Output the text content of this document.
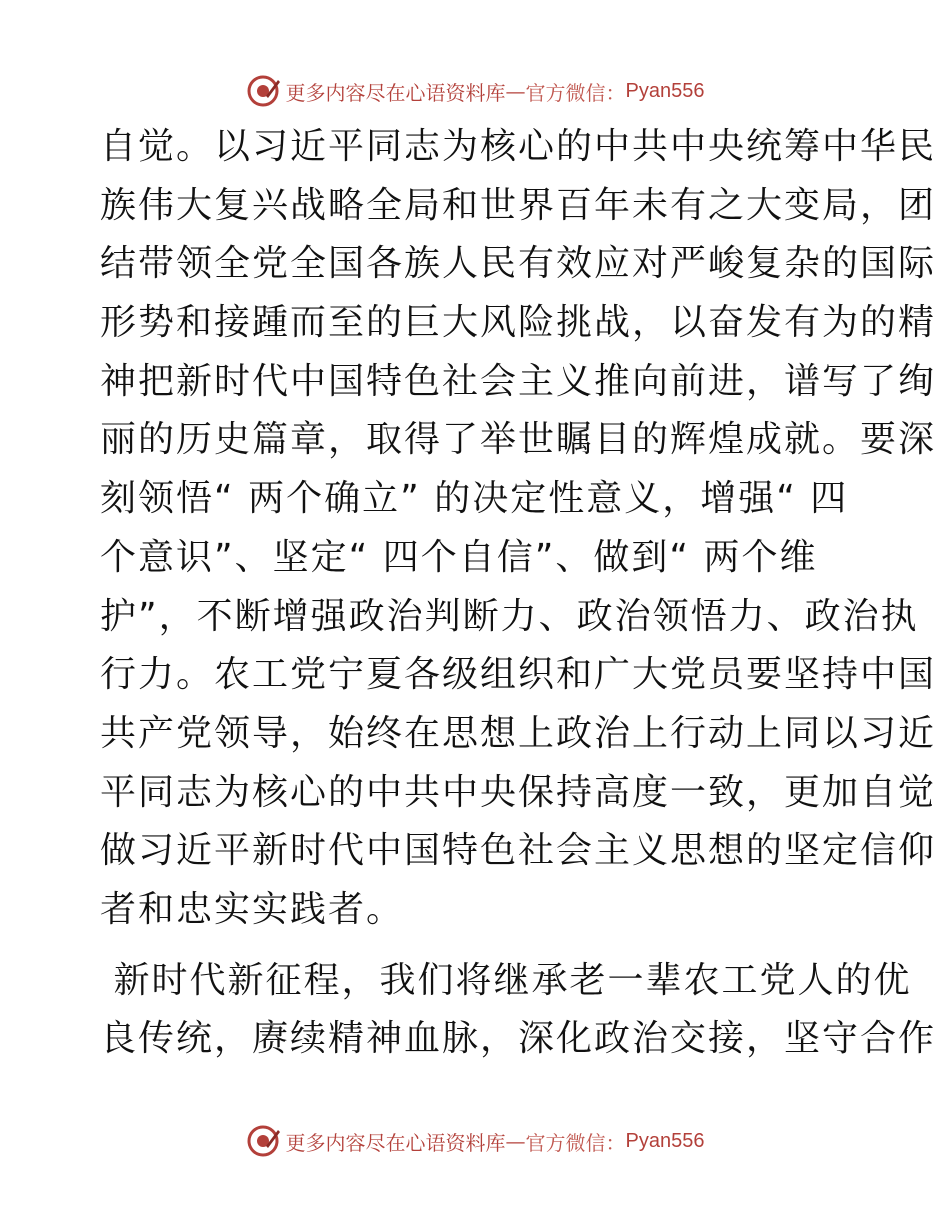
更多内容尽在心语资料库 — 官方微信： Pyan556
自觉。以习近平同志为核心的中共中央统筹中华民
族伟大复兴战略全局和世界百年未有之大变局，团
结带领全党全国各族人民有效应对严峻复杂的国际
形势和接踵而至的巨大风险挑战，以奋发有为的精
神把新时代中国特色社会主义推向前进，谱写了绚
丽的历史篇章，取得了举世瞩目的辉煌成就。要深
刻领悟“ 两个确立” 的决定性意义，增强“ 四
个意识”、坚定“ 四个自信”、做到“ 两个维
护”，不断增强政治判断力、政治领悟力、政治执
行力。农工党宁夏各级组织和广大党员要坚持中国
共产党领导，始终在思想上政治上行动上同以习近
平同志为核心的中共中央保持高度一致，更加自觉
做习近平新时代中国特色社会主义思想的坚定信仰
者和忠实实践者。
新时代新征程，我们将继承老一辈农工党人的优
良传统，赓续精神血脉，深化政治交接，坚守合作
更多内容尽在心语资料库 — 官方微信： Pyan556
